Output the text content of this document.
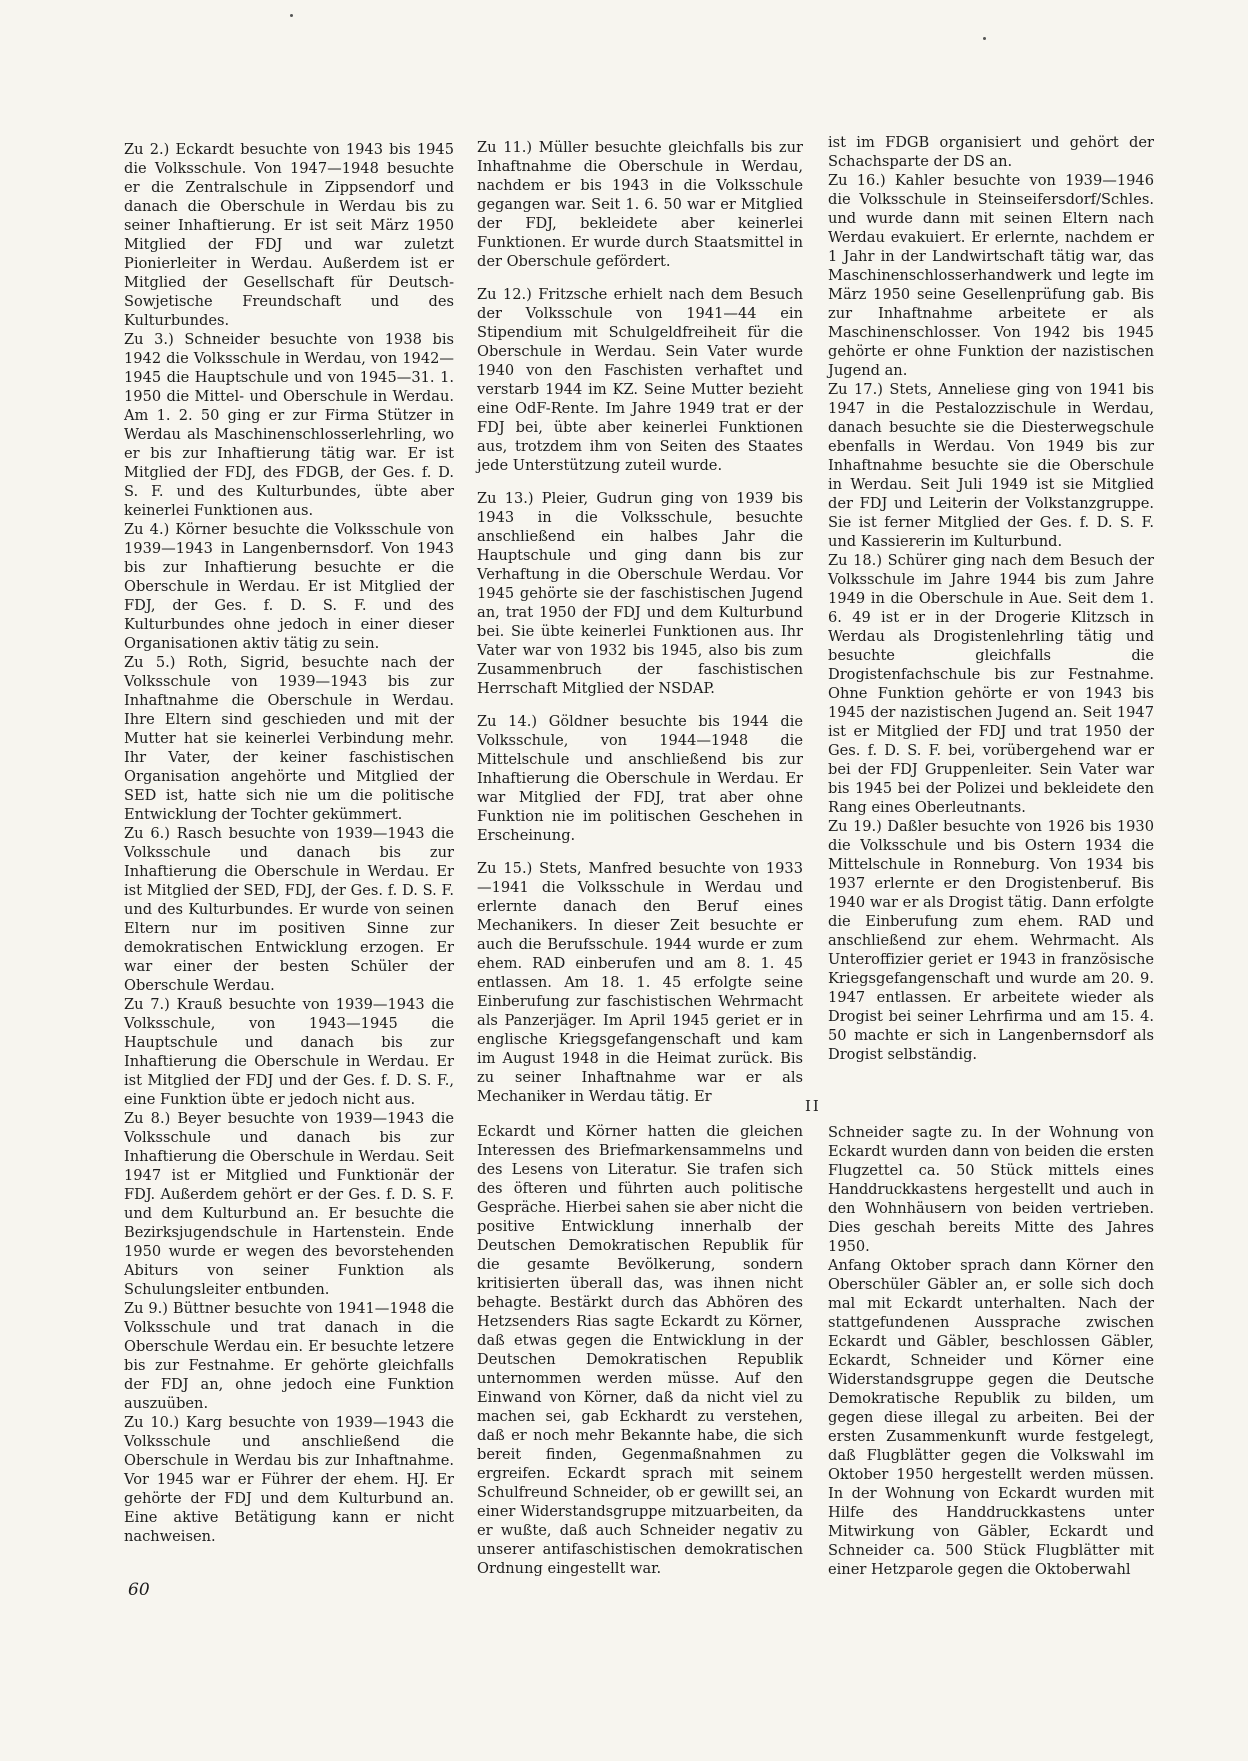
Zu 2.) Eckardt besuchte von 1943 bis 1945 die Volksschule. Von 1947—1948 besuchte er die Zentralschule in Zippsendorf und danach die Oberschule in Werdau bis zu seiner Inhaftierung. Er ist seit März 1950 Mitglied der FDJ und war zuletzt Pionierleiter in Werdau. Außerdem ist er Mitglied der Gesellschaft für Deutsch-Sowjetische Freundschaft und des Kulturbundes.

Zu 3.) Schneider besuchte von 1938 bis 1942 die Volksschule in Werdau, von 1942—1945 die Hauptschule und von 1945—31. 1. 1950 die Mittel- und Oberschule in Werdau. Am 1. 2. 50 ging er zur Firma Stützer in Werdau als Maschinenschlosserlehrling, wo er bis zur Inhaftierung tätig war. Er ist Mitglied der FDJ, des FDGB, der Ges. f. D. S. F. und des Kulturbundes, übte aber keinerlei Funktionen aus.

Zu 4.) Körner besuchte die Volksschule von 1939—1943 in Langenbernsdorf. Von 1943 bis zur Inhaftierung besuchte er die Oberschule in Werdau. Er ist Mitglied der FDJ, der Ges. f. D. S. F. und des Kulturbundes ohne jedoch in einer dieser Organisationen aktiv tätig zu sein.

Zu 5.) Roth, Sigrid, besuchte nach der Volksschule von 1939—1943 bis zur Inhaftnahme die Oberschule in Werdau. Ihre Eltern sind geschieden und mit der Mutter hat sie keinerlei Verbindung mehr. Ihr Vater, der keiner faschistischen Organisation angehörte und Mitglied der SED ist, hatte sich nie um die politische Entwicklung der Tochter gekümmert.

Zu 6.) Rasch besuchte von 1939—1943 die Volksschule und danach bis zur Inhaftierung die Oberschule in Werdau. Er ist Mitglied der SED, FDJ, der Ges. f. D. S. F. und des Kulturbundes. Er wurde von seinen Eltern nur im positiven Sinne zur demokratischen Entwicklung erzogen. Er war einer der besten Schüler der Oberschule Werdau.

Zu 7.) Krauß besuchte von 1939—1943 die Volksschule, von 1943—1945 die Hauptschule und danach bis zur Inhaftierung die Oberschule in Werdau. Er ist Mitglied der FDJ und der Ges. f. D. S. F., eine Funktion übte er jedoch nicht aus.

Zu 8.) Beyer besuchte von 1939—1943 die Volksschule und danach bis zur Inhaftierung die Oberschule in Werdau. Seit 1947 ist er Mitglied und Funktionär der FDJ. Außerdem gehört er der Ges. f. D. S. F. und dem Kulturbund an. Er besuchte die Bezirksjugendschule in Hartenstein. Ende 1950 wurde er wegen des bevorstehenden Abiturs von seiner Funktion als Schulungsleiter entbunden.

Zu 9.) Büttner besuchte von 1941—1948 die Volksschule und trat danach in die Oberschule Werdau ein. Er besuchte letzere bis zur Festnahme. Er gehörte gleichfalls der FDJ an, ohne jedoch eine Funktion auszuüben.

Zu 10.) Karg besuchte von 1939—1943 die Volksschule und anschließend die Oberschule in Werdau bis zur Inhaftnahme. Vor 1945 war er Führer der ehem. HJ. Er gehörte der FDJ und dem Kulturbund an. Eine aktive Betätigung kann er nicht nachweisen.

Zu 11.) Müller besuchte gleichfalls bis zur Inhaftnahme die Oberschule in Werdau, nachdem er bis 1943 in die Volksschule gegangen war. Seit 1. 6. 50 war er Mitglied der FDJ, bekleidete aber keinerlei Funktionen. Er wurde durch Staatsmittel in der Oberschule gefördert.

Zu 12.) Fritzsche erhielt nach dem Besuch der Volksschule von 1941—44 ein Stipendium mit Schulgeldfreiheit für die Oberschule in Werdau. Sein Vater wurde 1940 von den Faschisten verhaftet und verstarb 1944 im KZ. Seine Mutter bezieht eine OdF-Rente. Im Jahre 1949 trat er der FDJ bei, übte aber keinerlei Funktionen aus, trotzdem ihm von Seiten des Staates jede Unterstützung zuteil wurde.

Zu 13.) Pleier, Gudrun ging von 1939 bis 1943 in die Volksschule, besuchte anschließend ein halbes Jahr die Hauptschule und ging dann bis zur Verhaftung in die Oberschule Werdau. Vor 1945 gehörte sie der faschistischen Jugend an, trat 1950 der FDJ und dem Kulturbund bei. Sie übte keinerlei Funktionen aus. Ihr Vater war von 1932 bis 1945, also bis zum Zusammenbruch der faschistischen Herrschaft Mitglied der NSDAP.

Zu 14.) Göldner besuchte bis 1944 die Volksschule, von 1944—1948 die Mittelschule und anschließend bis zur Inhaftierung die Oberschule in Werdau. Er war Mitglied der FDJ, trat aber ohne Funktion nie im politischen Geschehen in Erscheinung.

Zu 15.) Stets, Manfred besuchte von 1933—1941 die Volksschule in Werdau und erlernte danach den Beruf eines Mechanikers. In dieser Zeit besuchte er auch die Berufsschule. 1944 wurde er zum ehem. RAD einberufen und am 8. 1. 45 entlassen. Am 18. 1. 45 erfolgte seine Einberufung zur faschistischen Wehrmacht als Panzerjäger. Im April 1945 geriet er in englische Kriegsgefangenschaft und kam im August 1948 in die Heimat zurück. Bis zu seiner Inhaftnahme war er als Mechaniker in Werdau tätig. Er

ist im FDGB organisiert und gehört der Schachsparte der DS an.

Zu 16.) Kahler besuchte von 1939—1946 die Volksschule in Steinseifersdorf/Schles. und wurde dann mit seinen Eltern nach Werdau evakuiert. Er erlernte, nachdem er 1 Jahr in der Landwirtschaft tätig war, das Maschinenschlosserhandwerk und legte im März 1950 seine Gesellenprüfung gab. Bis zur Inhaftnahme arbeitete er als Maschinenschlosser. Von 1942 bis 1945 gehörte er ohne Funktion der nazistischen Jugend an.

Zu 17.) Stets, Anneliese ging von 1941 bis 1947 in die Pestalozzischule in Werdau, danach besuchte sie die Diesterwegschule ebenfalls in Werdau. Von 1949 bis zur Inhaftnahme besuchte sie die Oberschule in Werdau. Seit Juli 1949 ist sie Mitglied der FDJ und Leiterin der Volkstanzgruppe. Sie ist ferner Mitglied der Ges. f. D. S. F. und Kassiererin im Kulturbund.

Zu 18.) Schürer ging nach dem Besuch der Volksschule im Jahre 1944 bis zum Jahre 1949 in die Oberschule in Aue. Seit dem 1. 6. 49 ist er in der Drogerie Klitzsch in Werdau als Drogistenlehrling tätig und besuchte gleichfalls die Drogistenfachschule bis zur Festnahme. Ohne Funktion gehörte er von 1943 bis 1945 der nazistischen Jugend an. Seit 1947 ist er Mitglied der FDJ und trat 1950 der Ges. f. D. S. F. bei, vorübergehend war er bei der FDJ Gruppenleiter. Sein Vater war bis 1945 bei der Polizei und bekleidete den Rang eines Oberleutnants.

Zu 19.) Daßler besuchte von 1926 bis 1930 die Volksschule und bis Ostern 1934 die Mittelschule in Ronneburg. Von 1934 bis 1937 erlernte er den Drogistenberuf. Bis 1940 war er als Drogist tätig. Dann erfolgte die Einberufung zum ehem. RAD und anschließend zur ehem. Wehrmacht. Als Unteroffizier geriet er 1943 in französische Kriegsgefangenschaft und wurde am 20. 9. 1947 entlassen. Er arbeitete wieder als Drogist bei seiner Lehrfirma und am 15. 4. 50 machte er sich in Langenbernsdorf als Drogist selbständig.

II

Eckardt und Körner hatten die gleichen Interessen des Briefmarkensammelns und des Lesens von Literatur. Sie trafen sich des öfteren und führten auch politische Gespräche. Hierbei sahen sie aber nicht die positive Entwicklung innerhalb der Deutschen Demokratischen Republik für die gesamte Bevölkerung, sondern kritisierten überall das, was ihnen nicht behagte. Bestärkt durch das Abhören des Hetzsenders Rias sagte Eckardt zu Körner, daß etwas gegen die Entwicklung in der Deutschen Demokratischen Republik unternommen werden müsse. Auf den Einwand von Körner, daß da nicht viel zu machen sei, gab Eckhardt zu verstehen, daß er noch mehr Bekannte habe, die sich bereit finden, Gegenmaßnahmen zu ergreifen. Eckardt sprach mit seinem Schulfreund Schneider, ob er gewillt sei, an einer Widerstandsgruppe mitzuarbeiten, da er wußte, daß auch Schneider negativ zu unserer antifaschistischen demokratischen Ordnung eingestellt war.

Schneider sagte zu. In der Wohnung von Eckardt wurden dann von beiden die ersten Flugzettel ca. 50 Stück mittels eines Handdruckkastens hergestellt und auch in den Wohnhäusern von beiden vertrieben. Dies geschah bereits Mitte des Jahres 1950.

Anfang Oktober sprach dann Körner den Oberschüler Gäbler an, er solle sich doch mal mit Eckardt unterhalten. Nach der stattgefundenen Aussprache zwischen Eckardt und Gäbler, beschlossen Gäbler, Eckardt, Schneider und Körner eine Widerstandsgruppe gegen die Deutsche Demokratische Republik zu bilden, um gegen diese illegal zu arbeiten. Bei der ersten Zusammenkunft wurde festgelegt, daß Flugblätter gegen die Volkswahl im Oktober 1950 hergestellt werden müssen. In der Wohnung von Eckardt wurden mit Hilfe des Handdruckkastens unter Mitwirkung von Gäbler, Eckardt und Schneider ca. 500 Stück Flugblätter mit einer Hetzparole gegen die Oktoberwahl

60
